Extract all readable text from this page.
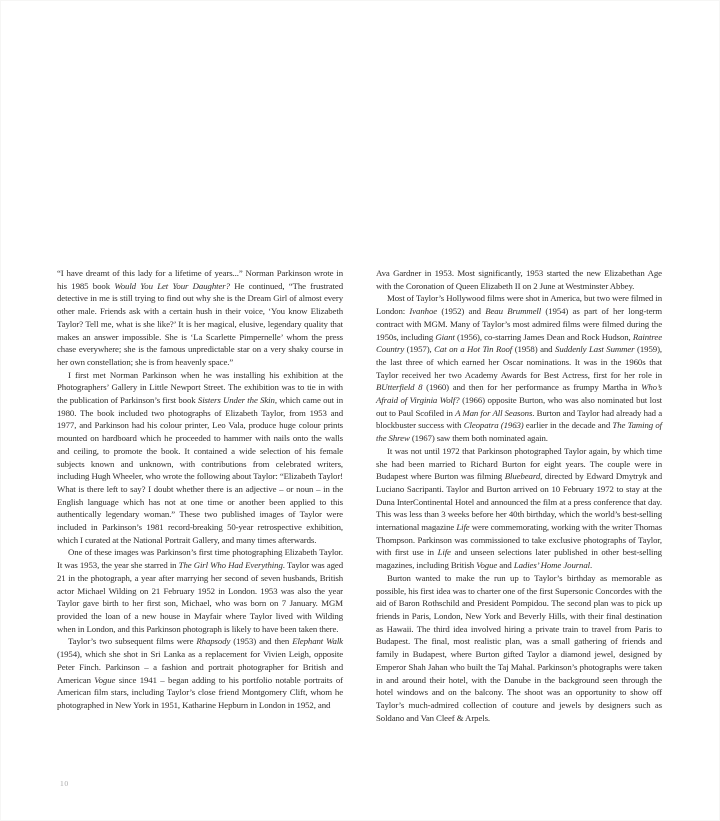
“I have dreamt of this lady for a lifetime of years...” Norman Parkinson wrote in his 1985 book Would You Let Your Daughter? He continued, “The frustrated detective in me is still trying to find out why she is the Dream Girl of almost every other male. Friends ask with a certain hush in their voice, ‘You know Elizabeth Taylor? Tell me, what is she like?’ It is her magical, elusive, legendary quality that makes an answer impossible. She is ‘La Scarlette Pimpernelle’ whom the press chase everywhere; she is the famous unpredictable star on a very shaky course in her own constellation; she is from heavenly space.”

I first met Norman Parkinson when he was installing his exhibition at the Photographers’ Gallery in Little Newport Street. The exhibition was to tie in with the publication of Parkinson’s first book Sisters Under the Skin, which came out in 1980. The book included two photographs of Elizabeth Taylor, from 1953 and 1977, and Parkinson had his colour printer, Leo Vala, produce huge colour prints mounted on hardboard which he proceeded to hammer with nails onto the walls and ceiling, to promote the book. It contained a wide selection of his female subjects known and unknown, with contributions from celebrated writers, including Hugh Wheeler, who wrote the following about Taylor: “Elizabeth Taylor! What is there left to say? I doubt whether there is an adjective – or noun – in the English language which has not at one time or another been applied to this authentically legendary woman.” These two published images of Taylor were included in Parkinson’s 1981 record-breaking 50-year retrospective exhibition, which I curated at the National Portrait Gallery, and many times afterwards.

One of these images was Parkinson’s first time photographing Elizabeth Taylor. It was 1953, the year she starred in The Girl Who Had Everything. Taylor was aged 21 in the photograph, a year after marrying her second of seven husbands, British actor Michael Wilding on 21 February 1952 in London. 1953 was also the year Taylor gave birth to her first son, Michael, who was born on 7 January. MGM provided the loan of a new house in Mayfair where Taylor lived with Wilding when in London, and this Parkinson photograph is likely to have been taken there.

Taylor’s two subsequent films were Rhapsody (1953) and then Elephant Walk (1954), which she shot in Sri Lanka as a replacement for Vivien Leigh, opposite Peter Finch. Parkinson – a fashion and portrait photographer for British and American Vogue since 1941 – began adding to his portfolio notable portraits of American film stars, including Taylor’s close friend Montgomery Clift, whom he photographed in New York in 1951, Katharine Hepburn in London in 1952, and

Ava Gardner in 1953. Most significantly, 1953 started the new Elizabethan Age with the Coronation of Queen Elizabeth II on 2 June at Westminster Abbey.

Most of Taylor’s Hollywood films were shot in America, but two were filmed in London: Ivanhoe (1952) and Beau Brummell (1954) as part of her long-term contract with MGM. Many of Taylor’s most admired films were filmed during the 1950s, including Giant (1956), co-starring James Dean and Rock Hudson, Raintree Country (1957), Cat on a Hot Tin Roof (1958) and Suddenly Last Summer (1959), the last three of which earned her Oscar nominations. It was in the 1960s that Taylor received her two Academy Awards for Best Actress, first for her role in BUtterfield 8 (1960) and then for her performance as frumpy Martha in Who’s Afraid of Virginia Wolf? (1966) opposite Burton, who was also nominated but lost out to Paul Scofiled in A Man for All Seasons. Burton and Taylor had already had a blockbuster success with Cleopatra (1963) earlier in the decade and The Taming of the Shrew (1967) saw them both nominated again.

It was not until 1972 that Parkinson photographed Taylor again, by which time she had been married to Richard Burton for eight years. The couple were in Budapest where Burton was filming Bluebeard, directed by Edward Dmytryk and Luciano Sacripanti. Taylor and Burton arrived on 10 February 1972 to stay at the Duna InterContinental Hotel and announced the film at a press conference that day. This was less than 3 weeks before her 40th birthday, which the world’s best-selling international magazine Life were commemorating, working with the writer Thomas Thompson. Parkinson was commissioned to take exclusive photographs of Taylor, with first use in Life and unseen selections later published in other best-selling magazines, including British Vogue and Ladies’ Home Journal.

Burton wanted to make the run up to Taylor’s birthday as memorable as possible, his first idea was to charter one of the first Supersonic Concordes with the aid of Baron Rothschild and President Pompidou. The second plan was to pick up friends in Paris, London, New York and Beverly Hills, with their final destination as Hawaii. The third idea involved hiring a private train to travel from Paris to Budapest. The final, most realistic plan, was a small gathering of friends and family in Budapest, where Burton gifted Taylor a diamond jewel, designed by Emperor Shah Jahan who built the Taj Mahal. Parkinson’s photographs were taken in and around their hotel, with the Danube in the background seen through the hotel windows and on the balcony. The shoot was an opportunity to show off Taylor’s much-admired collection of couture and jewels by designers such as Soldano and Van Cleef & Arpels.

10
